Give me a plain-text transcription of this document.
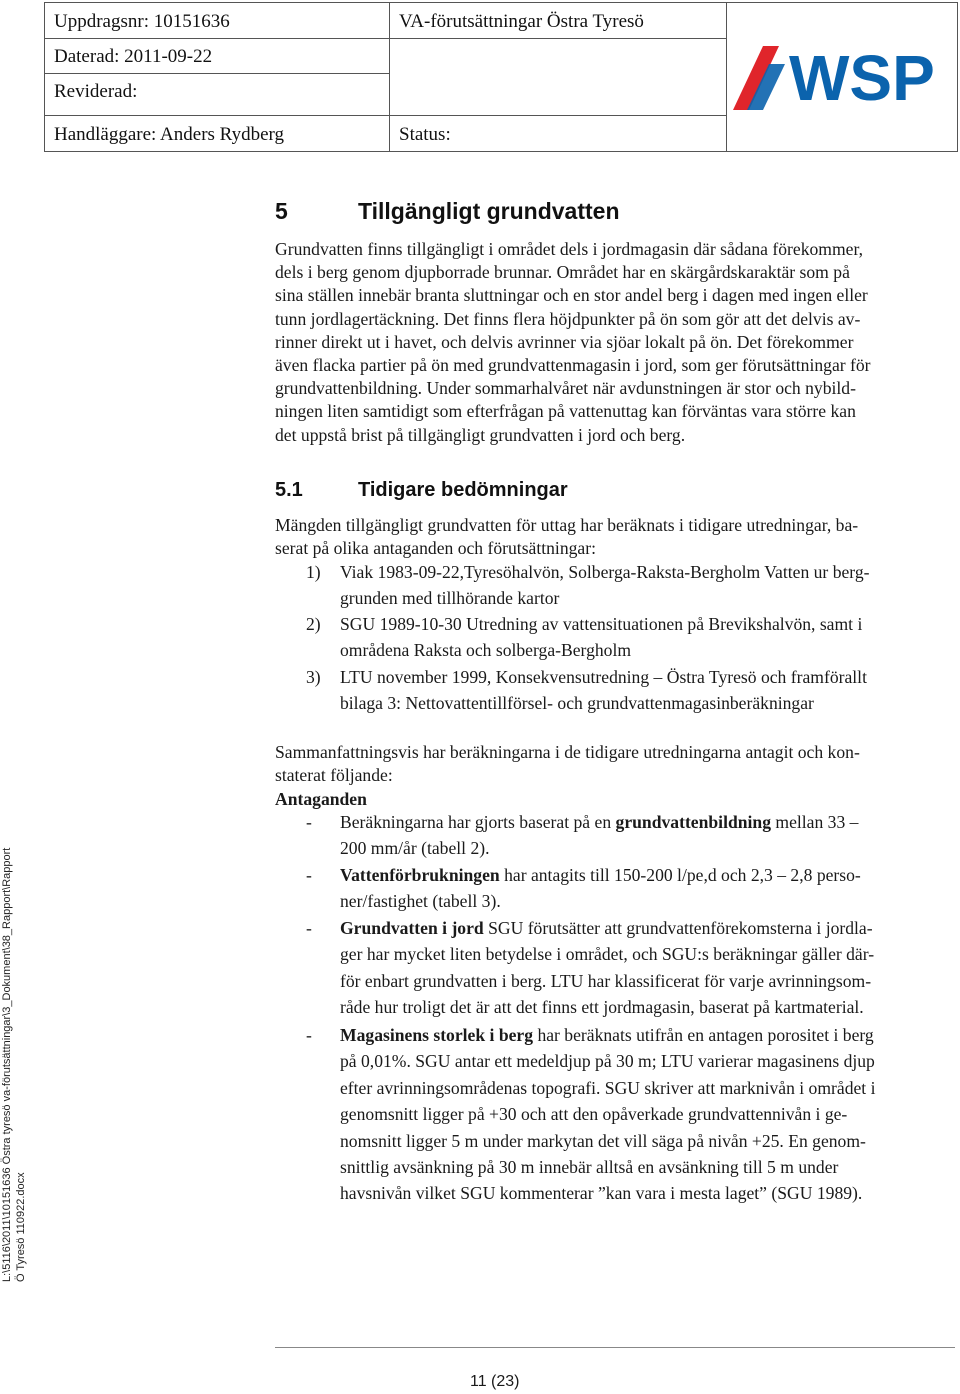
Uppdragsnr: 10151636	VA-förutsättningar Östra Tyresö
Daterad: 2011-09-22
Reviderad:
Handläggare: Anders Rydberg	Status:
WSP
5	Tillgängligt grundvatten
Grundvatten finns tillgängligt i området dels i jordmagasin där sådana förekommer,
dels i berg genom djupborrade brunnar. Området har en skärgårdskaraktär som på
sina ställen innebär branta sluttningar och en stor andel berg i dagen med ingen eller
tunn jordlagertäckning. Det finns flera höjdpunkter på ön som gör att det delvis av-
rinner direkt ut i havet, och delvis avrinner via sjöar lokalt på ön. Det förekommer
även flacka partier på ön med grundvattenmagasin i jord, som ger förutsättningar för
grundvattenbildning. Under sommarhalvåret när avdunstningen är stor och nybild-
ningen liten samtidigt som efterfrågan på vattenuttag kan förväntas vara större kan
det uppstå brist på tillgängligt grundvatten i jord och berg.
5.1	Tidigare bedömningar
Mängden tillgängligt grundvatten för uttag har beräknats i tidigare utredningar, ba-
serat på olika antaganden och förutsättningar:
1) Viak 1983-09-22,Tyresöhalvön, Solberga-Raksta-Bergholm Vatten ur berg-
grunden med tillhörande kartor
2) SGU 1989-10-30 Utredning av vattensituationen på Brevikshalvön, samt i
områdena Raksta och solberga-Bergholm
3) LTU november 1999, Konsekvensutredning – Östra Tyresö och framförallt
bilaga 3: Nettovattentillförsel- och grundvattenmagasinberäkningar
Sammanfattningsvis har beräkningarna i de tidigare utredningarna antagit och kon-
staterat följande:
Antaganden
- Beräkningarna har gjorts baserat på en grundvattenbildning mellan 33 –
200 mm/år (tabell 2).
- Vattenförbrukningen har antagits till 150-200 l/pe,d och 2,3 – 2,8 perso-
ner/fastighet (tabell 3).
- Grundvatten i jord SGU förutsätter att grundvattenförekomsterna i jordla-
ger har mycket liten betydelse i området, och SGU:s beräkningar gäller där-
för enbart grundvatten i berg. LTU har klassificerat för varje avrinningsom-
råde hur troligt det är att det finns ett jordmagasin, baserat på kartmaterial.
- Magasinens storlek i berg har beräknats utifrån en antagen porositet i berg
på 0,01%. SGU antar ett medeldjup på 30 m; LTU varierar magasinens djup
efter avrinningsområdenas topografi. SGU skriver att marknivån i området i
genomsnitt ligger på +30 och att den opåverkade grundvattennivån i ge-
nomsnitt ligger 5 m under markytan det vill säga på nivån +25. En genom-
snittlig avsänkning på 30 m innebär alltså en avsänkning till 5 m under
havsnivån vilket SGU kommenterar ”kan vara i mesta laget” (SGU 1989).
L:\5116\2011\10151636 Östra tyresö va-förutsättningar\3_Dokument\38_Rapport\Rapport Ö Tyresö 110922.docx
11 (23)
